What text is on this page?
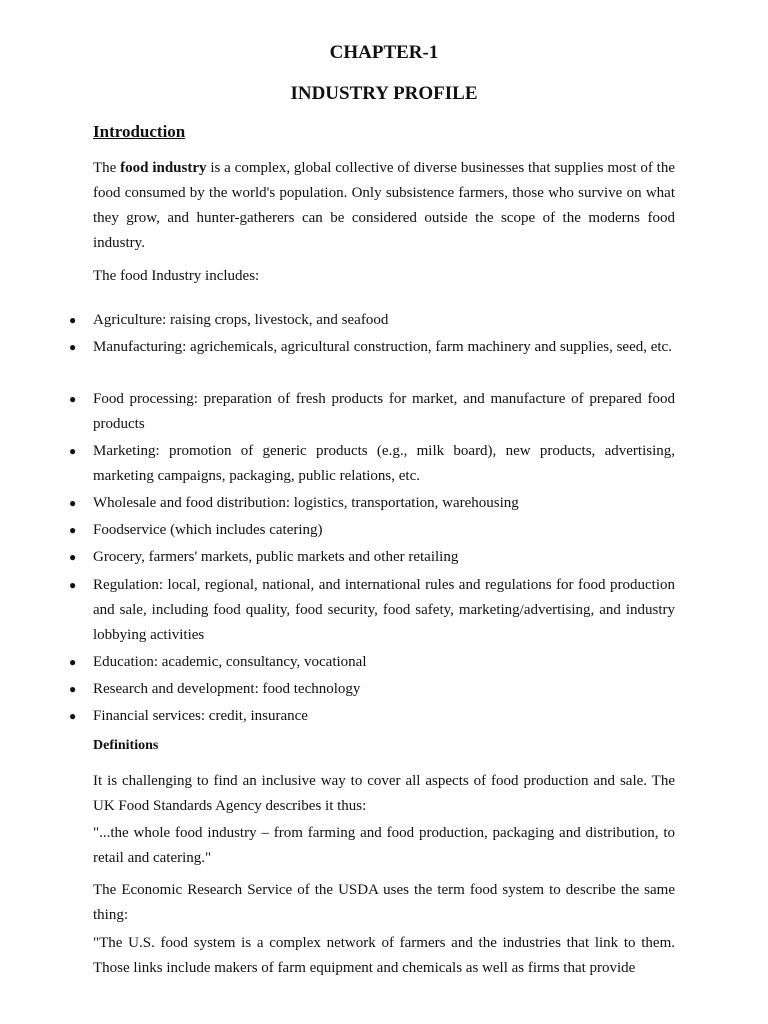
CHAPTER-1
INDUSTRY PROFILE
Introduction

The food industry is a complex, global collective of diverse businesses that supplies most of the food consumed by the world's population. Only subsistence farmers, those who survive on what they grow, and hunter-gatherers can be considered outside the scope of the moderns food industry.

The food Industry includes:

● Agriculture: raising crops, livestock, and seafood
● Manufacturing: agrichemicals, agricultural construction, farm machinery and supplies, seed, etc.
● Food processing: preparation of fresh products for market, and manufacture of prepared food products
● Marketing: promotion of generic products (e.g., milk board), new products, advertising, marketing campaigns, packaging, public relations, etc.
● Wholesale and food distribution: logistics, transportation, warehousing
● Foodservice (which includes catering)
● Grocery, farmers' markets, public markets and other retailing
● Regulation: local, regional, national, and international rules and regulations for food production and sale, including food quality, food security, food safety, marketing/advertising, and industry lobbying activities
● Education: academic, consultancy, vocational
● Research and development: food technology
● Financial services: credit, insurance
Definitions

It is challenging to find an inclusive way to cover all aspects of food production and sale. The UK Food Standards Agency describes it thus:

"...the whole food industry – from farming and food production, packaging and distribution, to retail and catering."

The Economic Research Service of the USDA uses the term food system to describe the same thing:

"The U.S. food system is a complex network of farmers and the industries that link to them. Those links include makers of farm equipment and chemicals as well as firms that provide
